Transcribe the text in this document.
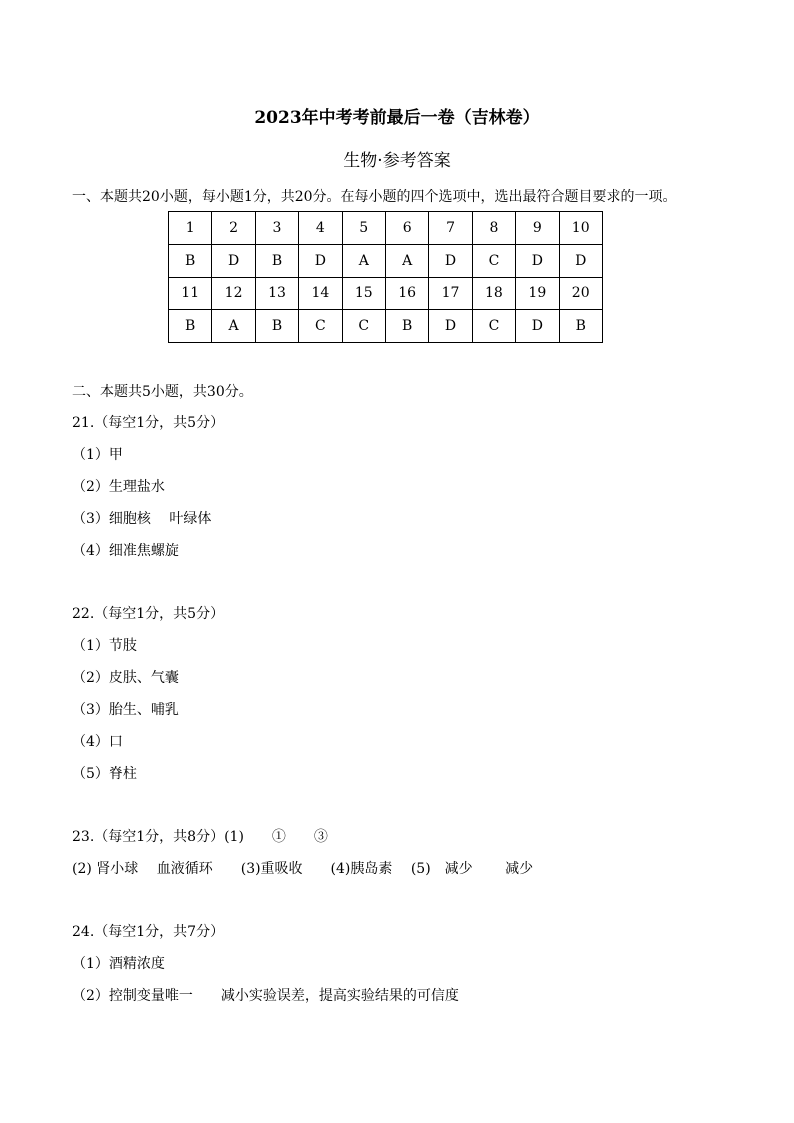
2023年中考考前最后一卷（吉林卷）
生物·参考答案
一、本题共20小题，每小题1分，共20分。在每小题的四个选项中，选出最符合题目要求的一项。
1	2	3	4	5	6	7	8	9	10
B	D	B	D	A	A	D	C	D	D
11	12	13	14	15	16	17	18	19	20
B	A	B	C	C	B	D	C	D	B
二、本题共5小题，共30分。
21.（每空1分，共5分）
（1）甲
（2）生理盐水
（3）细胞核　 叶绿体
（4）细准焦螺旋
22.（每空1分，共5分）
（1）节肢
（2）皮肤、气囊
（3）胎生、哺乳
（4）口
（5）脊柱
23.（每空1分，共8分）(1)　　①　　③
(2) 肾小球　 血液循环　　(3)重吸收　　(4)胰岛素　 (5)　减少　　 减少
24.（每空1分，共7分）
（1）酒精浓度
（2）控制变量唯一　　减小实验误差，提高实验结果的可信度
